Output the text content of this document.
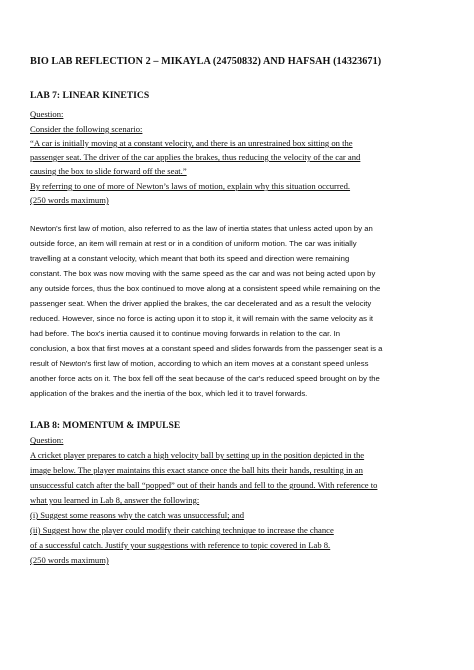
BIO LAB REFLECTION 2 – MIKAYLA (24750832) AND HAFSAH (14323671)
LAB 7: LINEAR KINETICS
Question:
Consider the following scenario:
“A car is initially moving at a constant velocity, and there is an unrestrained box sitting on the
passenger seat. The driver of the car applies the brakes, thus reducing the velocity of the car and
causing the box to slide forward off the seat.”
By referring to one of more of Newton’s laws of motion, explain why this situation occurred.
(250 words maximum)
Newton's first law of motion, also referred to as the law of inertia states that unless acted upon by an
outside force, an item will remain at rest or in a condition of uniform motion. The car was initially
travelling at a constant velocity, which meant that both its speed and direction were remaining
constant. The box was now moving with the same speed as the car and was not being acted upon by
any outside forces, thus the box continued to move along at a consistent speed while remaining on the
passenger seat. When the driver applied the brakes, the car decelerated and as a result the velocity
reduced. However, since no force is acting upon it to stop it, it will remain with the same velocity as it
had before. The box's inertia caused it to continue moving forwards in relation to the car. In
conclusion, a box that first moves at a constant speed and slides forwards from the passenger seat is a
result of Newton's first law of motion, according to which an item moves at a constant speed unless
another force acts on it. The box fell off the seat because of the car's reduced speed brought on by the
application of the brakes and the inertia of the box, which led it to travel forwards.
LAB 8: MOMENTUM & IMPULSE
Question:
A cricket player prepares to catch a high velocity ball by setting up in the position depicted in the
image below. The player maintains this exact stance once the ball hits their hands, resulting in an
unsuccessful catch after the ball “popped” out of their hands and fell to the ground. With reference to
what you learned in Lab 8, answer the following:
(i) Suggest some reasons why the catch was unsuccessful; and
(ii) Suggest how the player could modify their catching technique to increase the chance
of a successful catch. Justify your suggestions with reference to topic covered in Lab 8.
(250 words maximum)
